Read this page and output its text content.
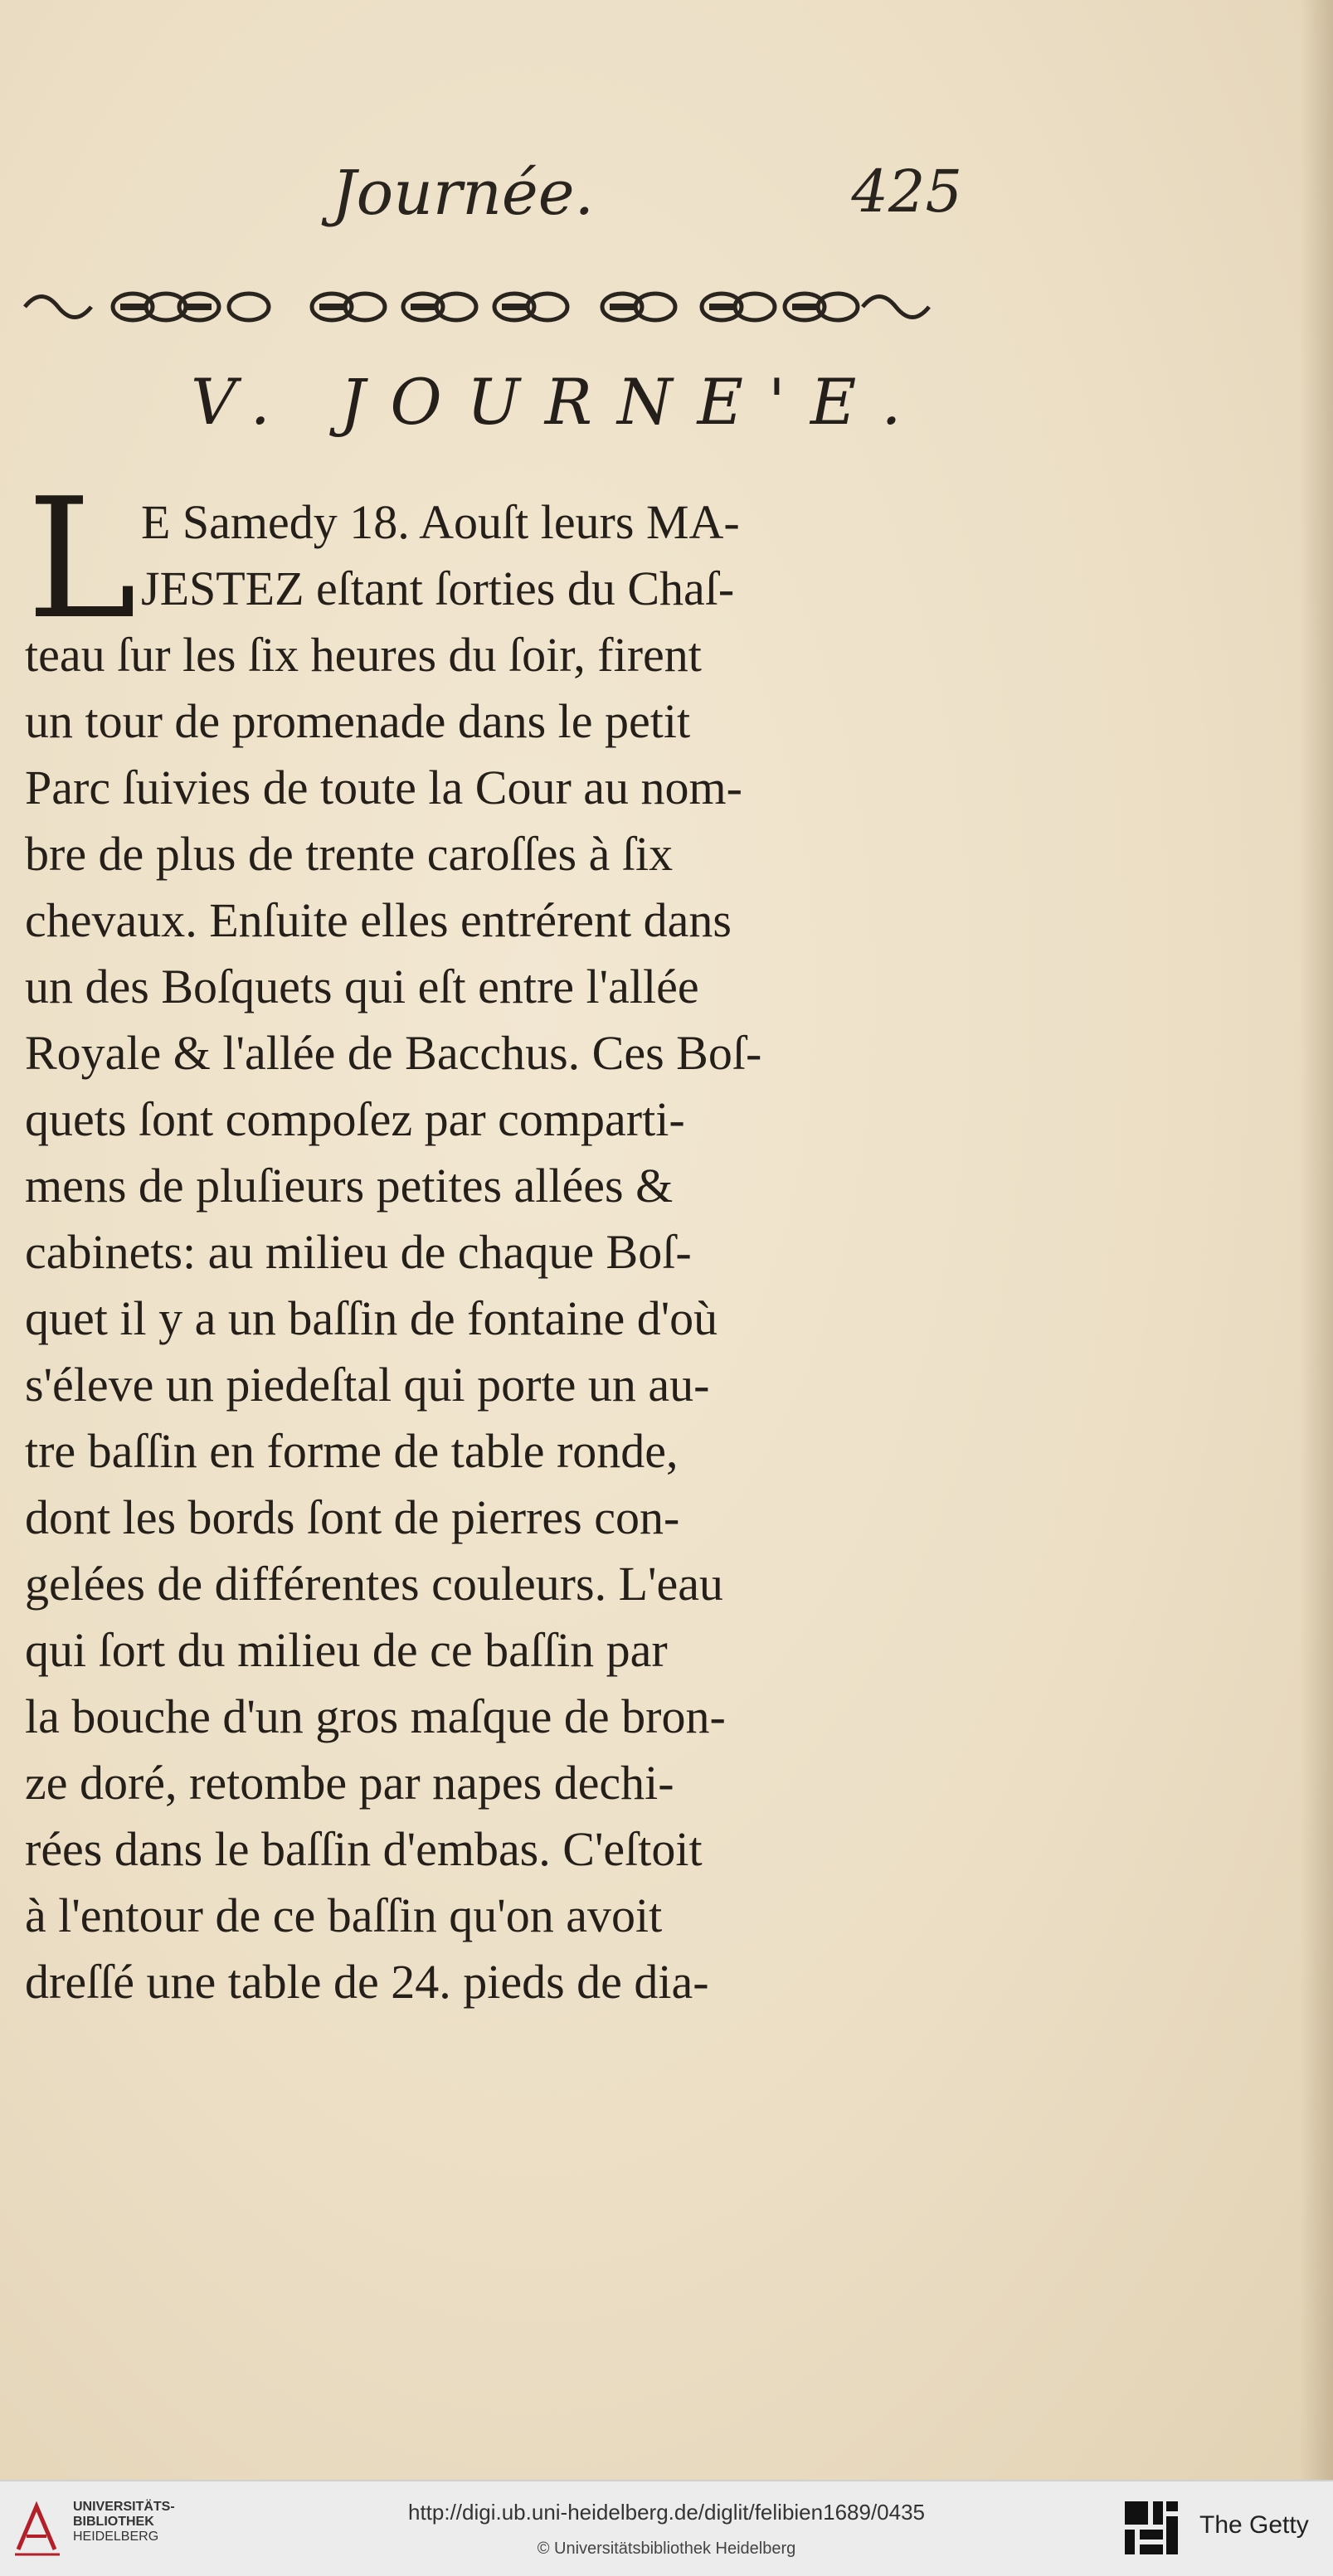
Journée.	425
V. JOURNE'E.
L E Samedy 18. Aouſt leurs MA-
JESTEZ eſtant ſorties du Chaſ-
teau ſur les ſix heures du ſoir, firent
un tour de promenade dans le petit
Parc ſuivies de toute la Cour au nom-
bre de plus de trente caroſſes à ſix
chevaux. Enſuite elles entrérent dans
un des Boſquets qui eſt entre l'allée
Royale & l'allée de Bacchus. Ces Boſ-
quets ſont compoſez par comparti-
mens de pluſieurs petites allées &
cabinets: au milieu de chaque Boſ-
quet il y a un baſſin de fontaine d'où
s'éleve un piedeſtal qui porte un au-
tre baſſin en forme de table ronde,
dont les bords ſont de pierres con-
gelées de différentes couleurs. L'eau
qui ſort du milieu de ce baſſin par
la bouche d'un gros maſque de bron-
ze doré, retombe par napes dechi-
rées dans le baſſin d'embas. C'eſtoit
à l'entour de ce baſſin qu'on avoit
dreſſé une table de 24. pieds de dia-
UNIVERSITÄTS-
BIBLIOTHEK
HEIDELBERG
http://digi.ub.uni-heidelberg.de/diglit/felibien1689/0435
© Universitätsbibliothek Heidelberg
The Getty
